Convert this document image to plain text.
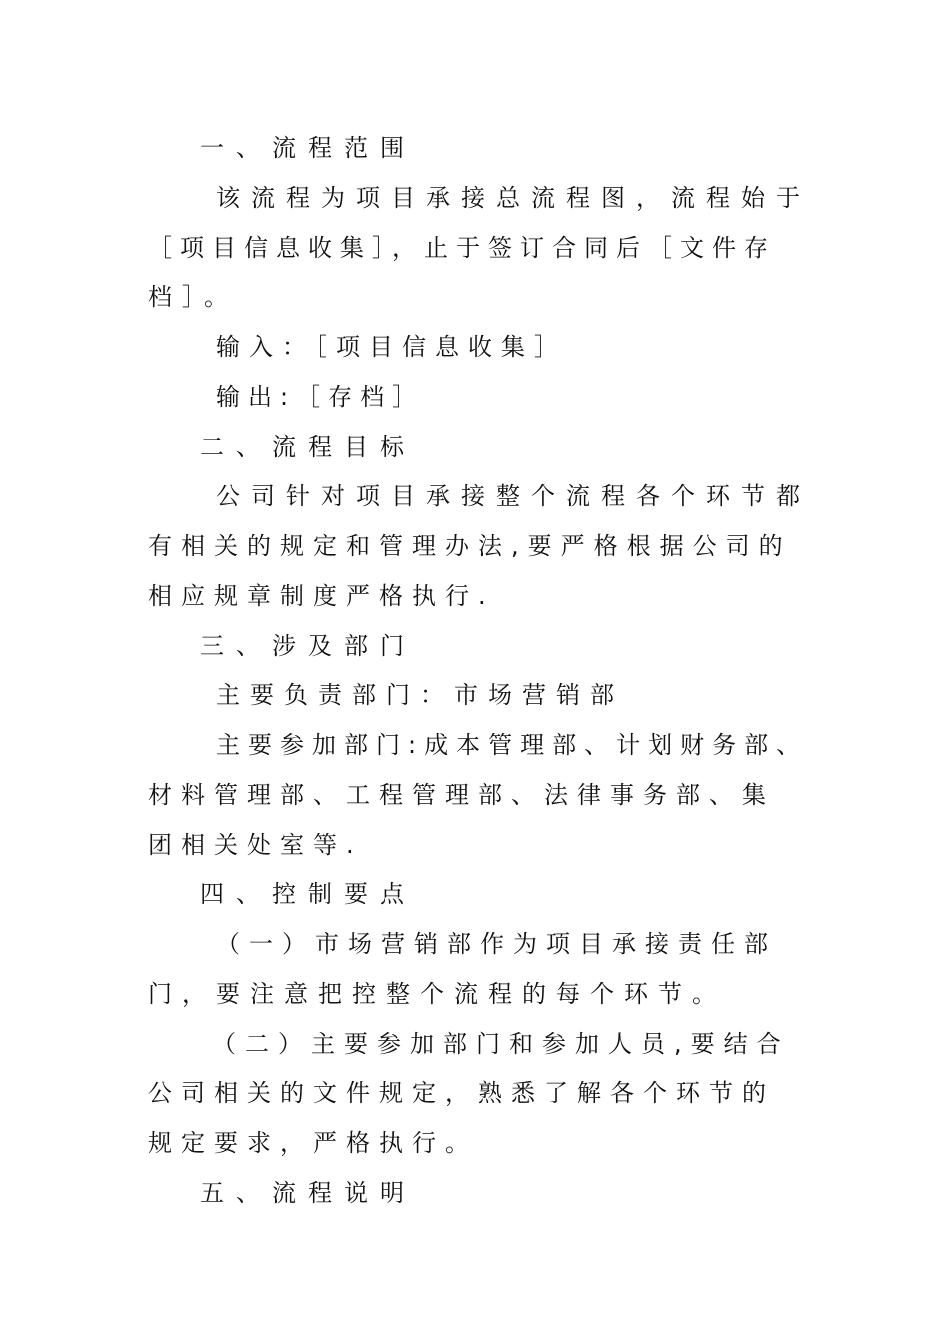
一、流程范围
该流程为项目承接总流程图，流程始于
［项目信息收集］，止于签订合同后［文件存
档］。
输入：［项目信息收集］
输出:［存档］
二、流程目标
公司针对项目承接整个流程各个环节都
有相关的规定和管理办法,要严格根据公司的
相应规章制度严格执行.
三、涉及部门
主要负责部门：市场营销部
主要参加部门:成本管理部、计划财务部、
材料管理部、工程管理部、法律事务部、集
团相关处室等.
四、控制要点
（一）市场营销部作为项目承接责任部
门，要注意把控整个流程的每个环节。
（二）主要参加部门和参加人员,要结合
公司相关的文件规定，熟悉了解各个环节的
规定要求，严格执行。
五、流程说明
